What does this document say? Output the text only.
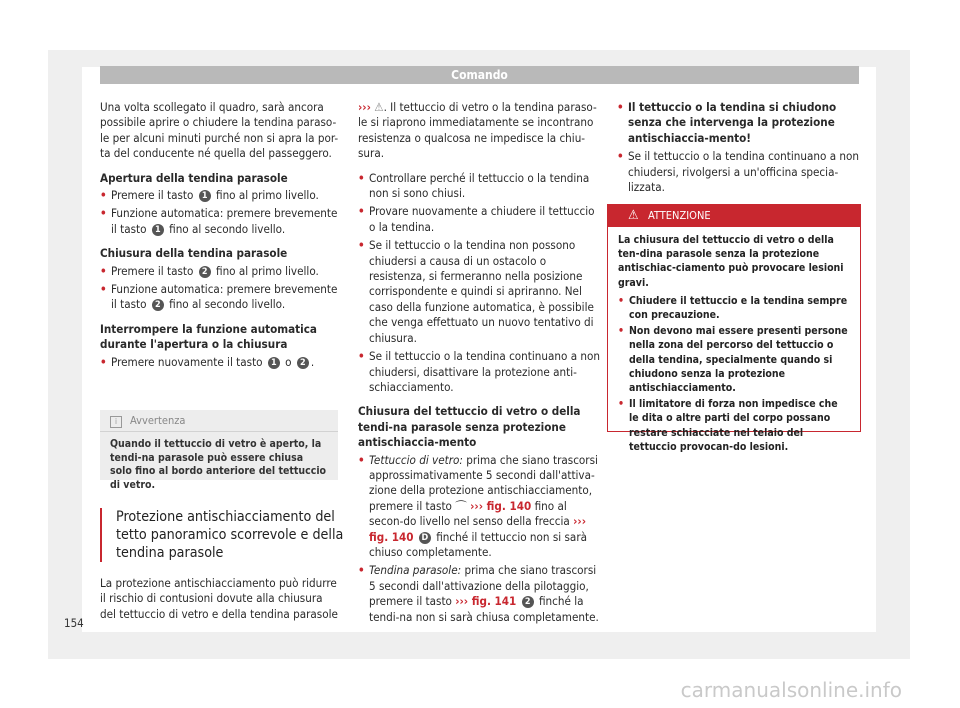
Comando

Una volta scollegato il quadro, sarà ancora possibile aprire o chiudere la tendina paraso-le per alcuni minuti purché non si apra la por-ta del conducente né quella del passeggero.

Apertura della tendina parasole
• Premere il tasto 1 fino al primo livello.
• Funzione automatica: premere brevemente il tasto 1 fino al secondo livello.
Chiusura della tendina parasole
• Premere il tasto 2 fino al primo livello.
• Funzione automatica: premere brevemente il tasto 2 fino al secondo livello.
Interrompere la funzione automatica durante l'apertura o la chiusura
• Premere nuovamente il tasto 1 o 2 .
i Avvertenza
Quando il tettuccio di vetro è aperto, la tendi-na parasole può essere chiusa solo fino al bordo anteriore del tettuccio di vetro.
Protezione antischiacciamento del tetto panoramico scorrevole e della tendina parasole

La protezione antischiacciamento può ridurre il rischio di contusioni dovute alla chiusura del tettuccio di vetro e della tendina parasole

››› ⚠. Il tettuccio di vetro o la tendina paraso-le si riaprono immediatamente se incontrano resistenza o qualcosa ne impedisce la chiu-sura.

• Controllare perché il tettuccio o la tendina non si sono chiusi.
• Provare nuovamente a chiudere il tettuccio o la tendina.
• Se il tettuccio o la tendina non possono chiudersi a causa di un ostacolo o resistenza, si fermeranno nella posizione corrispondente e quindi si apriranno. Nel caso della funzione automatica, è possibile che venga effettuato un nuovo tentativo di chiusura.
• Se il tettuccio o la tendina continuano a non chiudersi, disattivare la protezione anti-schiacciamento.
Chiusura del tettuccio di vetro o della tendi-na parasole senza protezione antischiaccia-mento
• Tettuccio di vetro: prima che siano trascorsi approssimativamente 5 secondi dall'attiva-zione della protezione antischiacciamento, premere il tasto ⌒ ››› fig. 140 fino al secon-do livello nel senso della freccia ››› fig. 140 D finché il tettuccio non si sarà chiuso completamente.
• Tendina parasole: prima che siano trascorsi 5 secondi dall'attivazione della pilotaggio, premere il tasto ››› fig. 141 2 finché la tendi-na non si sarà chiusa completamente.
• Il tettuccio o la tendina si chiudono senza che intervenga la protezione antischiaccia-mento!
• Se il tettuccio o la tendina continuano a non chiudersi, rivolgersi a un'officina specia-lizzata.
⚠ ATTENZIONE
La chiusura del tettuccio di vetro o della ten-dina parasole senza la protezione antischiac-ciamento può provocare lesioni gravi.
• Chiudere il tettuccio e la tendina sempre con precauzione.
• Non devono mai essere presenti persone nella zona del percorso del tettuccio o della tendina, specialmente quando si chiudono senza la protezione antischiacciamento.
• Il limitatore di forza non impedisce che le dita o altre parti del corpo possano restare schiacciate nel telaio del tettuccio provocan-do lesioni.
154
carmanualsonline.info
